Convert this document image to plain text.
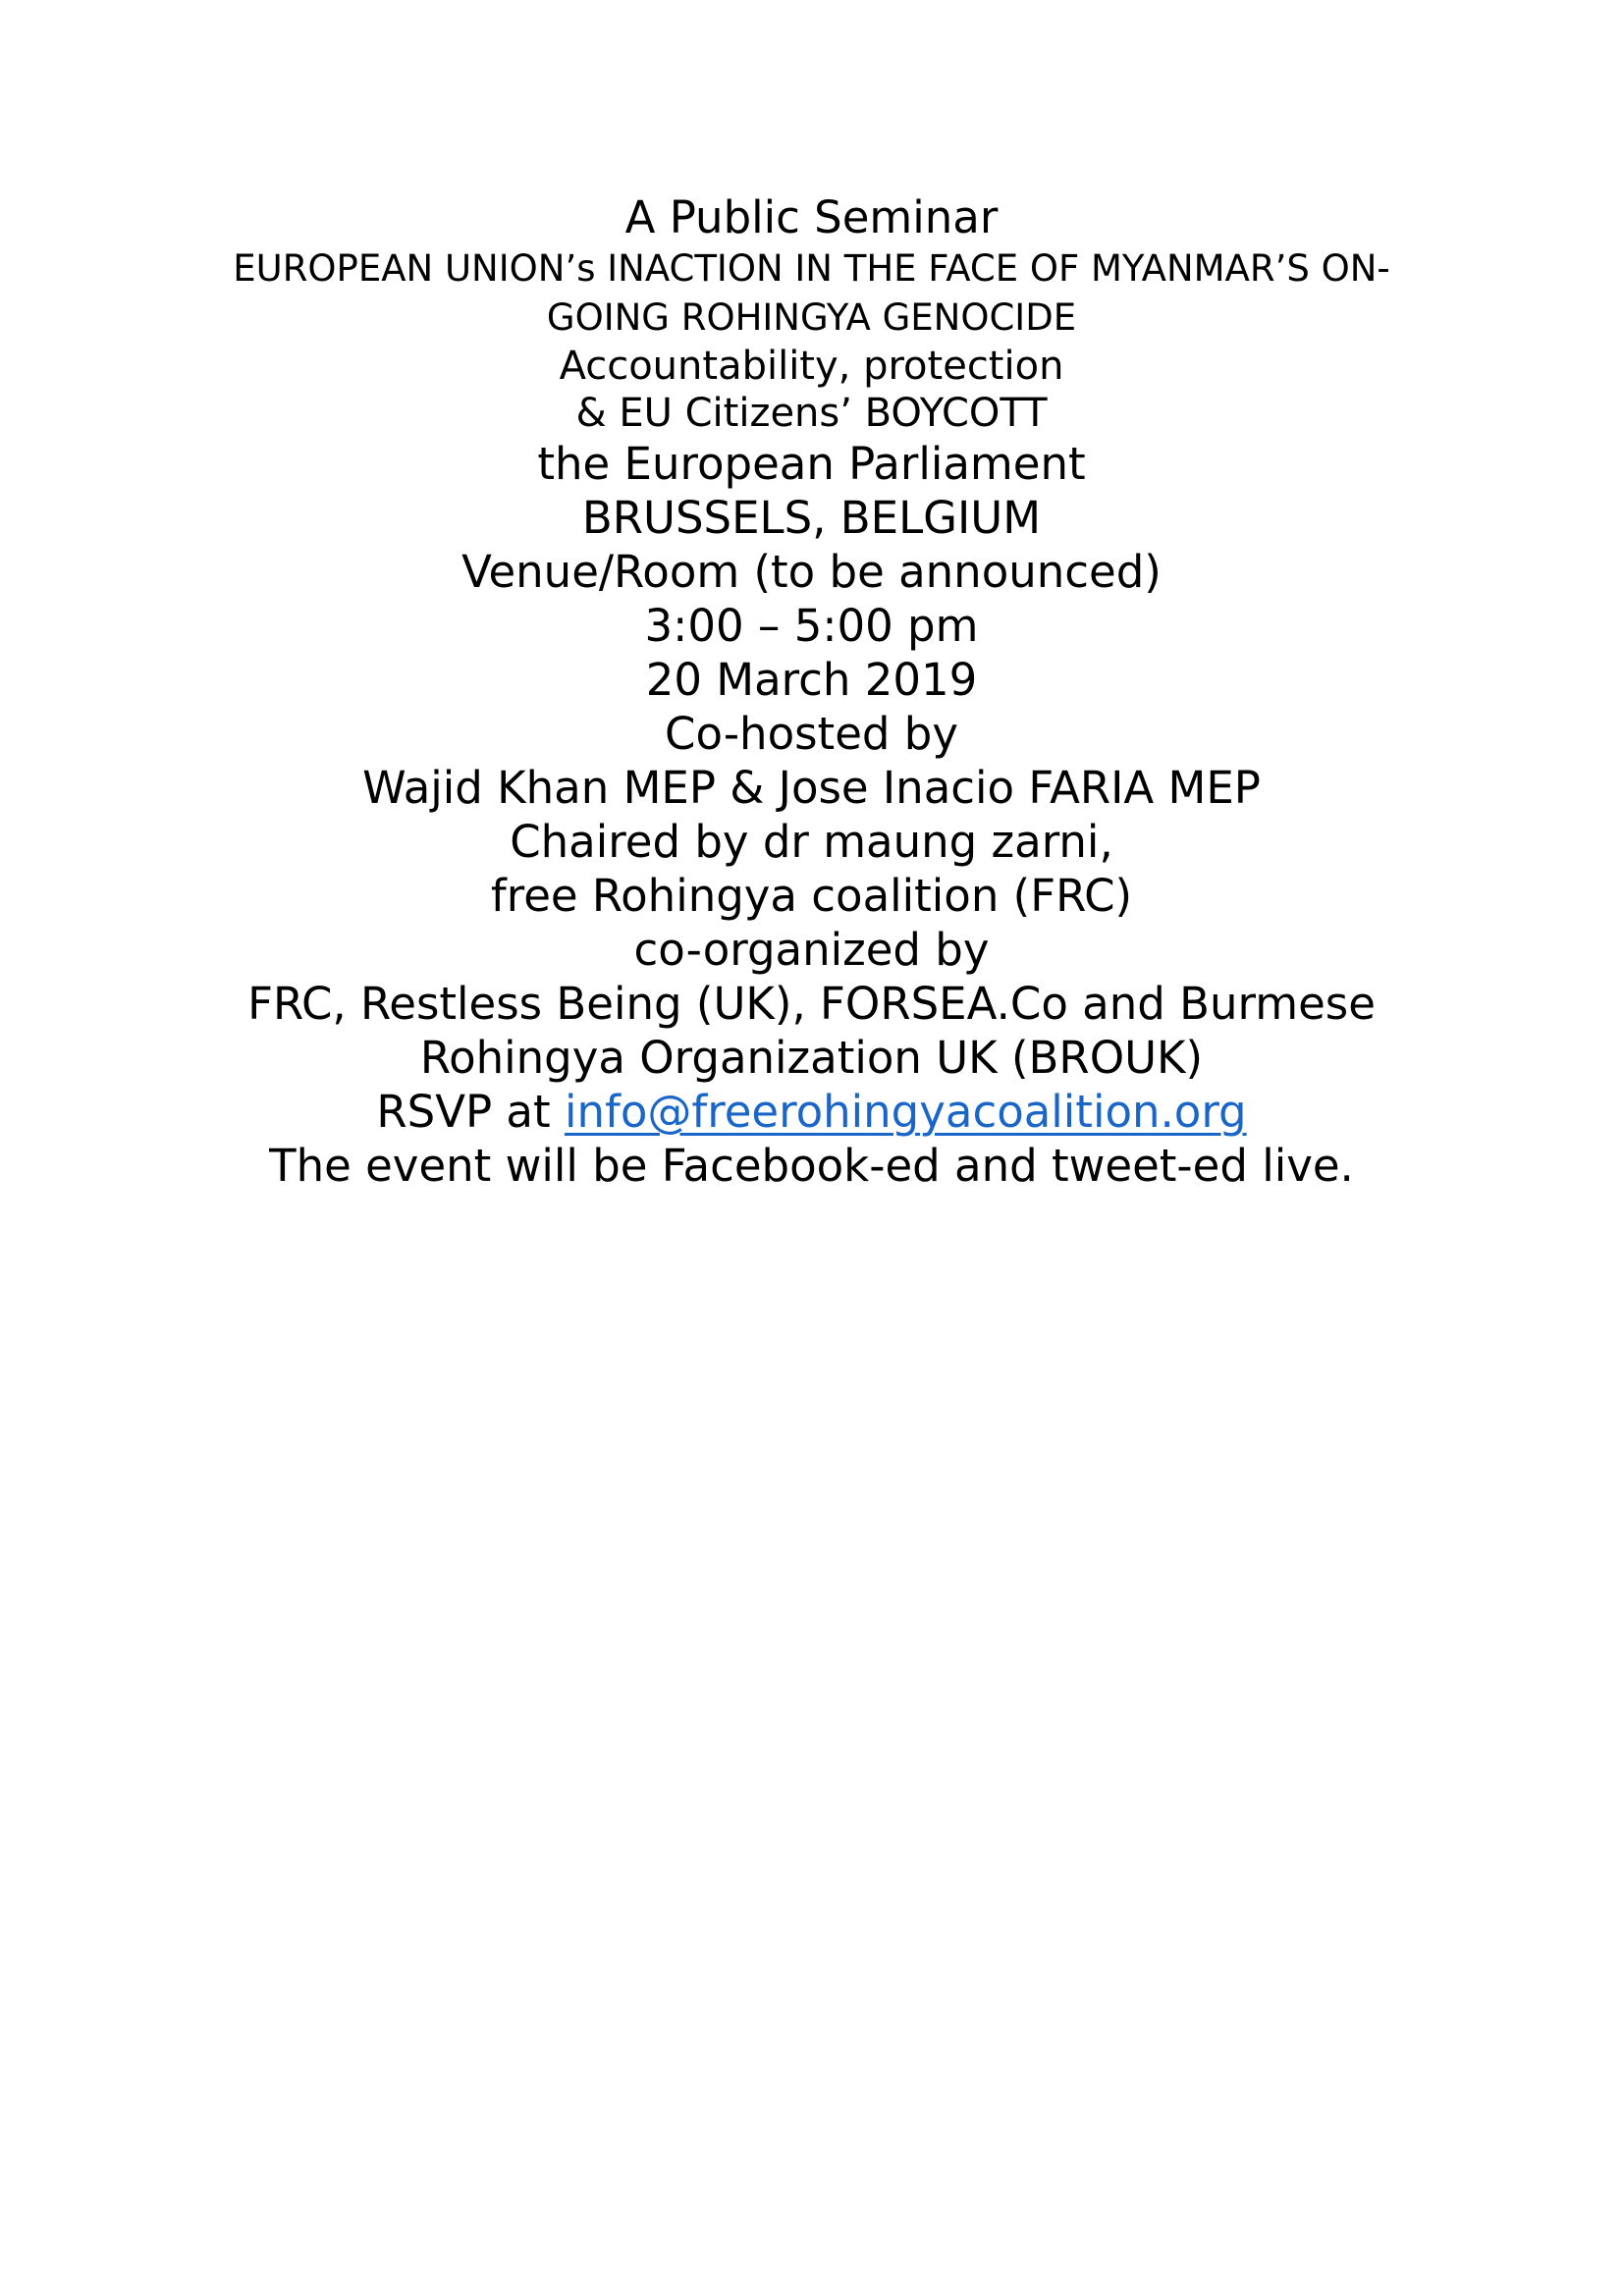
A Public Seminar

EUROPEAN UNION’s INACTION IN THE FACE OF MYANMAR’S ON-

GOING ROHINGYA GENOCIDE

Accountability, protection

& EU Citizens’ BOYCOTT

the European Parliament

BRUSSELS, BELGIUM

Venue/Room (to be announced)

3:00 – 5:00 pm

20 March 2019

Co-hosted by

Wajid Khan MEP & Jose Inacio FARIA MEP

Chaired by dr maung zarni,

free Rohingya coalition (FRC)

co-organized by

FRC, Restless Being (UK), FORSEA.Co and Burmese

Rohingya Organization UK (BROUK)

RSVP at info@freerohingyacoalition.org

The event will be Facebook-ed and tweet-ed live.
